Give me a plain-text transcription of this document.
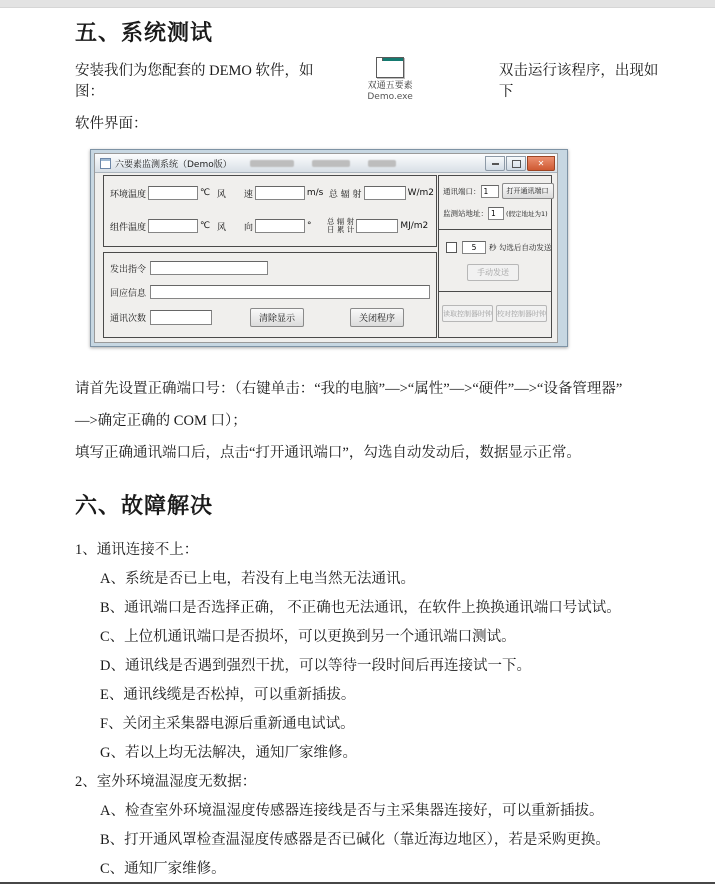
五、系统测试
安装我们为您配套的 DEMO 软件，如图：	双通五要素
Demo.exe
双击运行该程序，出现如下

软件界面：

六要素监测系统（Demo版）	✕
环境温度	℃ 风　　速	m/s 总 辐 射	W/m2
组件温度	℃ 风　　向	°	总 辐 射
日 累 计	MJ/m2
发出指令
回应信息
通讯次数	清除显示	关闭程序
通讯端口：
1	打开通讯端口
监测站地址：
1	(假定地址为1)
5
秒 勾选后自动发送
手动发送
读取控制器时钟 校对控制器时钟

请首先设置正确端口号：（右键单击：“我的电脑”—>“属性”—>“硬件”—>“设备管理器”

—>确定正确的 COM 口）；

填写正确通讯端口后，点击“打开通讯端口”，勾选自动发动后，数据显示正常。

六、故障解决
1、通讯连接不上：
A、系统是否已上电，若没有上电当然无法通讯。
B、通讯端口是否选择正确， 不正确也无法通讯，在软件上换换通讯端口号试试。
C、上位机通讯端口是否损坏，可以更换到另一个通讯端口测试。
D、通讯线是否遇到强烈干扰，可以等待一段时间后再连接试一下。
E、通讯线缆是否松掉，可以重新插拔。
F、关闭主采集器电源后重新通电试试。
G、若以上均无法解决，通知厂家维修。
2、室外环境温湿度无数据：
A、检查室外环境温湿度传感器连接线是否与主采集器连接好，可以重新插拔。
B、打开通风罩检查温湿度传感器是否已碱化（靠近海边地区），若是采购更换。
C、通知厂家维修。
